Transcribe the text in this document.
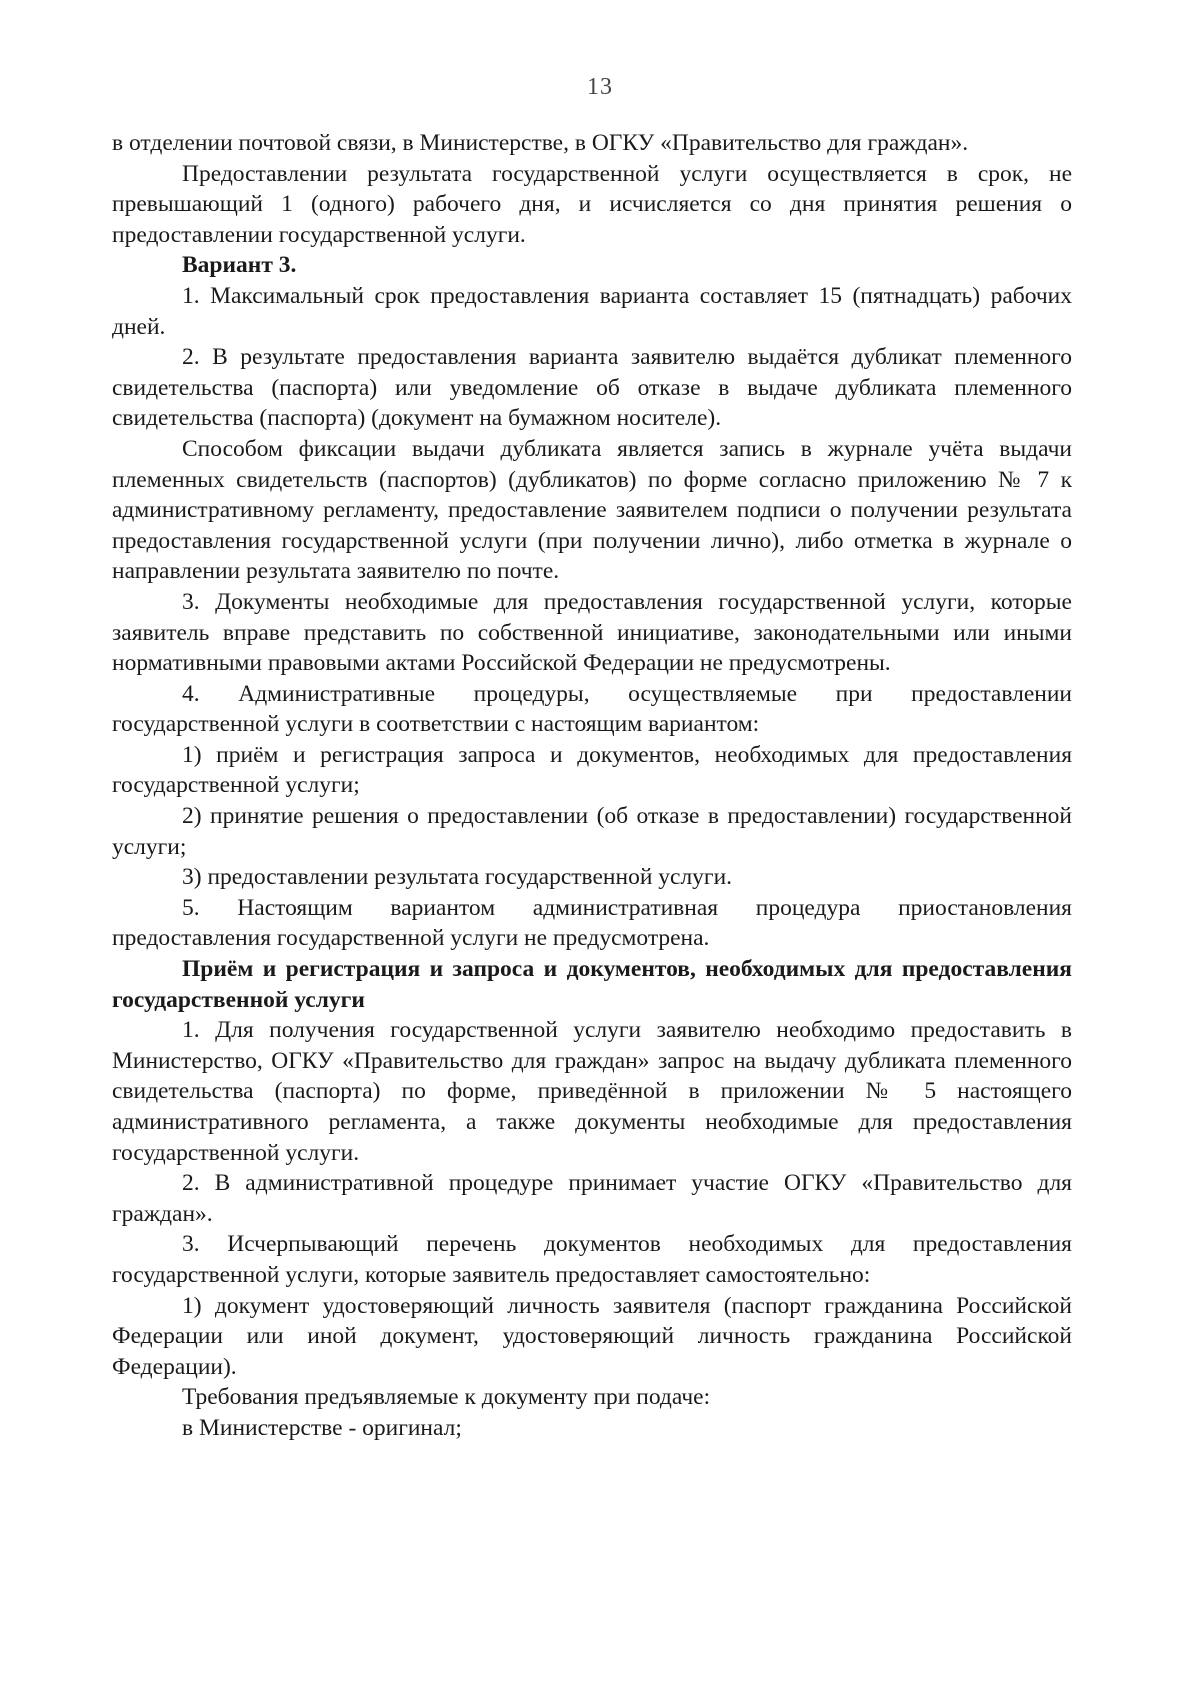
13

в отделении почтовой связи, в Министерстве, в ОГКУ «Правительство для граждан».

Предоставлении результата государственной услуги осуществляется в срок, не превышающий 1 (одного) рабочего дня, и исчисляется со дня принятия решения о предоставлении государственной услуги.

Вариант 3.

1. Максимальный срок предоставления варианта составляет 15 (пятнадцать) рабочих дней.

2. В результате предоставления варианта заявителю выдаётся дубликат племенного свидетельства (паспорта) или уведомление об отказе в выдаче дубликата племенного свидетельства (паспорта) (документ на бумажном носителе).

Способом фиксации выдачи дубликата является запись в журнале учёта выдачи племенных свидетельств (паспортов) (дубликатов) по форме согласно приложению № 7 к административному регламенту, предоставление заявителем подписи о получении результата предоставления государственной услуги (при получении лично), либо отметка в журнале о направлении результата заявителю по почте.

3. Документы необходимые для предоставления государственной услуги, которые заявитель вправе представить по собственной инициативе, законодательными или иными нормативными правовыми актами Российской Федерации не предусмотрены.

4. Административные процедуры, осуществляемые при предоставлении государственной услуги в соответствии с настоящим вариантом:

1) приём и регистрация запроса и документов, необходимых для предоставления государственной услуги;

2) принятие решения о предоставлении (об отказе в предоставлении) государственной услуги;

3) предоставлении результата государственной услуги.

5. Настоящим вариантом административная процедура приостановления предоставления государственной услуги не предусмотрена.

Приём и регистрация и запроса и документов, необходимых для предоставления государственной услуги

1. Для получения государственной услуги заявителю необходимо предоставить в Министерство, ОГКУ «Правительство для граждан» запрос на выдачу дубликата племенного свидетельства (паспорта) по форме, приведённой в приложении № 5 настоящего административного регламента, а также документы необходимые для предоставления государственной услуги.

2. В административной процедуре принимает участие ОГКУ «Правительство для граждан».

3. Исчерпывающий перечень документов необходимых для предоставления государственной услуги, которые заявитель предоставляет самостоятельно:

1) документ удостоверяющий личность заявителя (паспорт гражданина Российской Федерации или иной документ, удостоверяющий личность гражданина Российской Федерации).

Требования предъявляемые к документу при подаче:

в Министерстве - оригинал;
